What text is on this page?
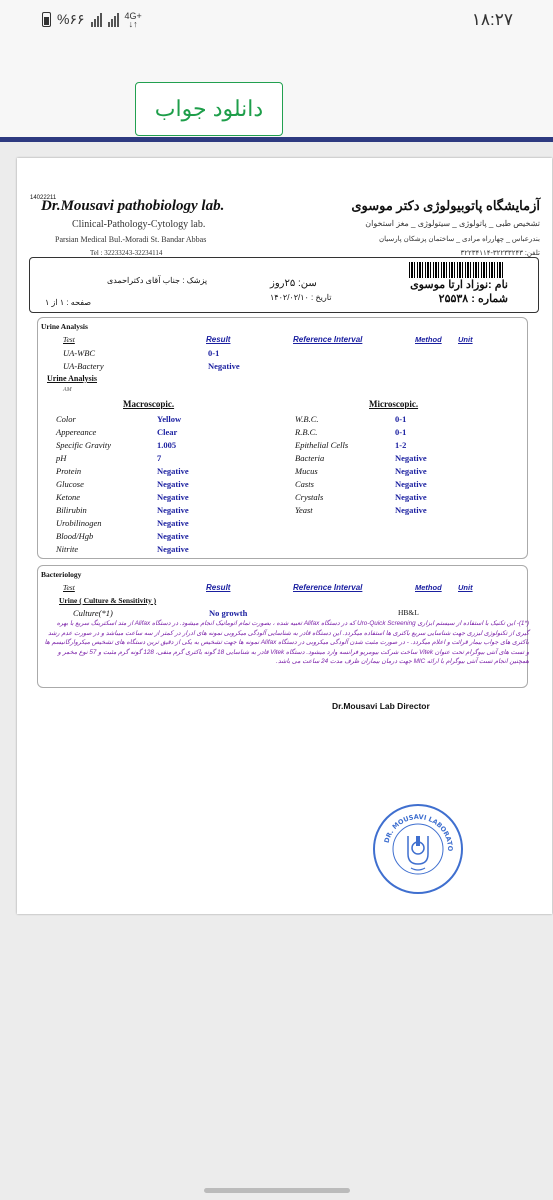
%۶۶	4G+
↓↑	۱۸:۲۷
دانلود جواب
14022211
Dr.Mousavi pathobiology lab.
Clinical-Pathology-Cytology lab.
Parsian Medical Bul.-Moradi St. Bandar Abbas
Tel : 32233243-32234114
آزمایشگاه پاتوبیولوژی دکتر موسوی
تشخیص طبی _ پاتولوژی _ سیتولوژی _ مغز استخوان
بندرعباس _ چهارراه مرادی _ ساختمان پزشکان پارسیان
تلفن: ۳۲۲۳۳۲۴۳-۳۲۲۳۴۱۱۴
نام :نوزاد ارتا موسوی
شماره : ۲۵۵۳۸
سن: ۲۵روز
تاریخ : ۱۴۰۲/۰۲/۱۰
پزشک : جناب آقای دکتراحمدی
صفحه : ۱ از ۱
Urine Analysis
Test	Result	Reference Interval	Method Unit
UA-WBC	0-1
UA-Bactery	Negative
Urine Analysis
AM
Macroscopic.	Microscopic.
Color	Yellow
Appereance	Clear
Specific Gravity	1.005
pH	7
Protein	Negative
Glucose	Negative
Ketone	Negative
Bilirubin	Negative
Urobilinogen	Negative
Blood/Hgb	Negative
Nitrite	Negative
W.B.C.	0-1
R.B.C.	0-1
Epithelial Cells	1-2
Bacteria	Negative
Mucus	Negative
Casts	Negative
Crystals	Negative
Yeast	Negative
Bacteriology
Test	Result	Reference Interval	Method Unit
Urine ( Culture & Sensitivity )
Culture(*1)	No growth	HB&L
(*1)- این تکنیک با استفاده از سیستم ابزاری Uro-Quick Screening که در دستگاه Alifax تعبیه شده ، بصورت تمام اتوماتیک انجام میشود. در دستگاه Alifax از متد اسکترینگ سریع با بهره گیری از تکنولوژی لیزری جهت شناسایی سریع باکتری ها استفاده میگردد. این دستگاه قادر به شناسایی آلودگی میکروبی نمونه های ادرار در کمتر از سه ساعت میباشد و در صورت عدم رشد باکتری های جواب بیمار قرائت و اعلام میگردد. - در صورت مثبت شدن آلودگی میکروبی در دستگاه Alifax نمونه ها جهت تشخیص به یکی از دقیق ترین دستگاه های تشخیص میکروارگانیسم ها و تست های آنتی بیوگرام تحت عنوان Vitek ساخت شرکت بیومریو فرانسه وارد میشود. دستگاه Vitek قادر به شناسایی 18 گونه باکتری گرم منفی، 128 گونه گرم مثبت و 57 نوع مخمر و همچنین انجام تست آنتی بیوگرام با ارائه MIC جهت درمان بیماران ظرف مدت 24 ساعت می باشد.
Dr.Mousavi Lab Director
DR. MOUSAVI LABORATO
